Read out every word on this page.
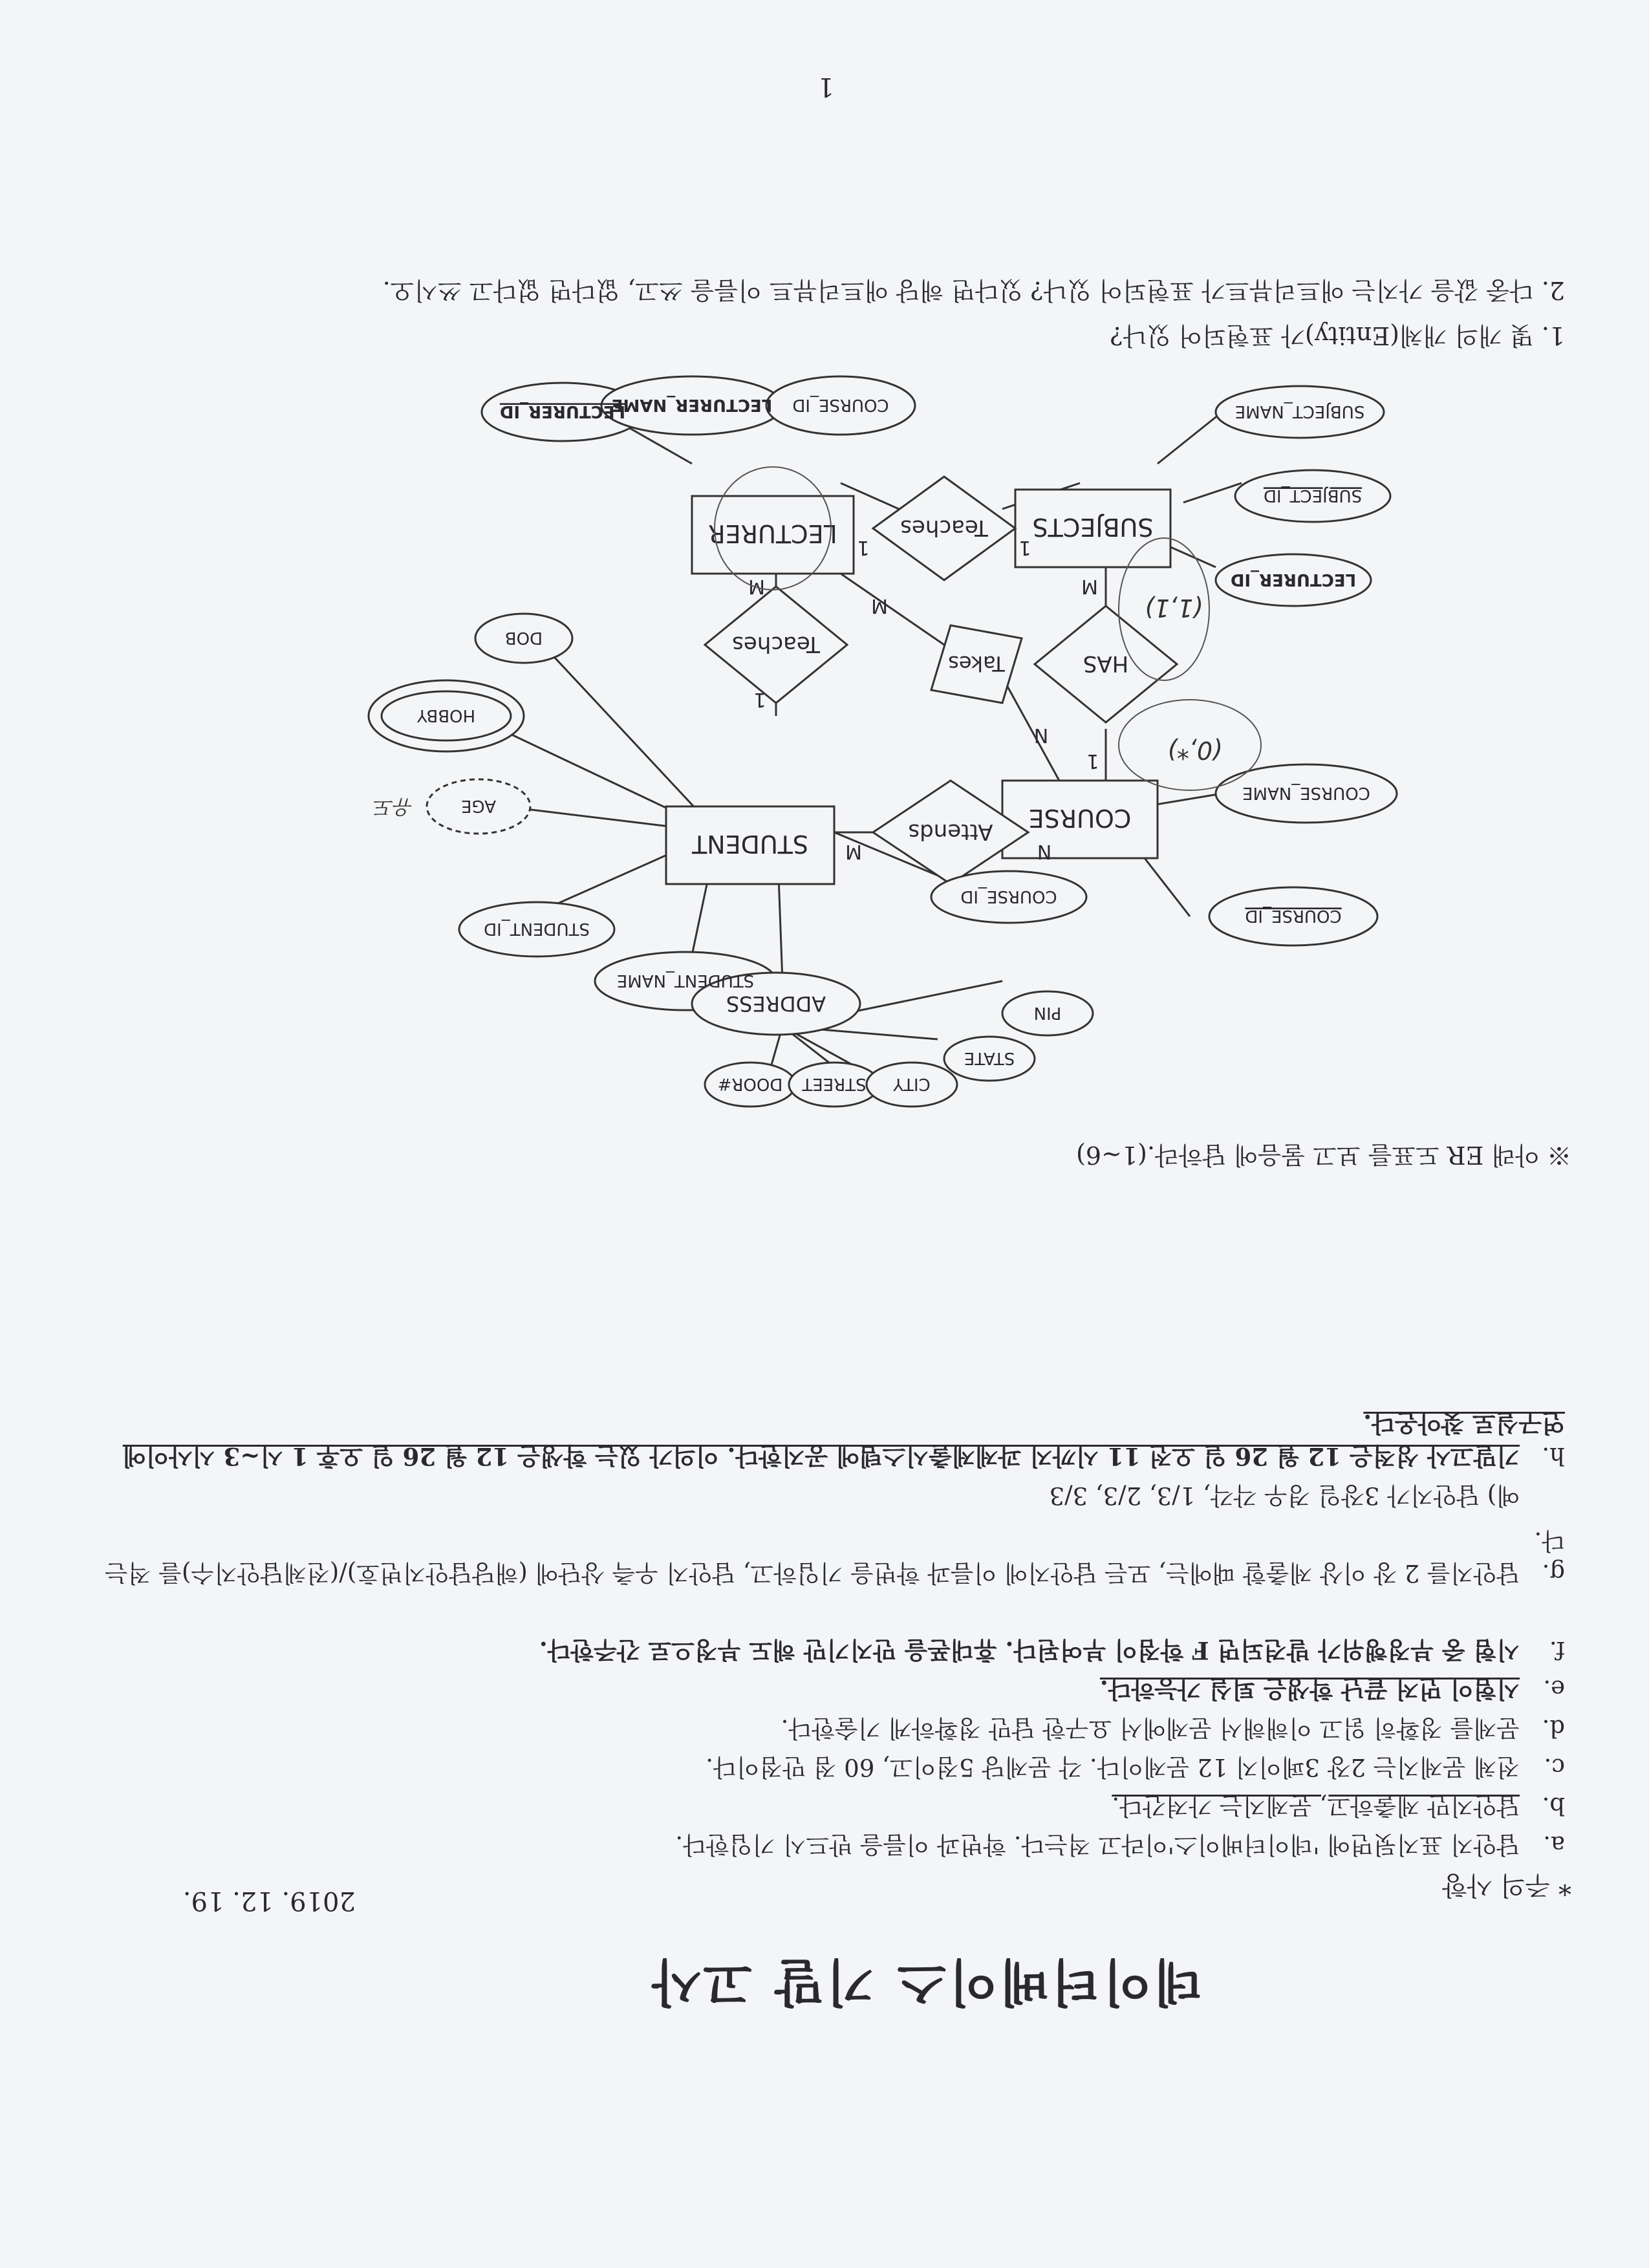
데이터베이스 기말 고사
2019. 12. 19.
* 주의 사항
a.답안지 표지뒷면에 '데이터베이스'이라고 적는다. 학번과 이름을 반드시 기입한다.
b.답안지만 제출하고, 문제지는 가져간다.
c.전체 문제지는 2장 3페이지 12 문제이다. 각 문제당 5점이고, 60 점 만점이다.
d.문제를 정확히 읽고 이해해서 문제에서 요구한 답만 정확하게 기술한다.
e.시험이 먼저 끝난 학생은 퇴실 가능하다.
f.시험 중 부정행위가 발견되면 F 학점이 부여된다. 휴대폰을 만지기만 해도 부정으로 간주한다.
g.답안지를 2 장 이상 제출할 때에는, 모든 답안지에 이름과 학번을 기입하고, 답안지 우측 상단에 (해당답안지번호)/(전체답안지수)를 적는다.
예) 답안지가 3장일 경우 각각, 1/3, 2/3, 3/3
h.기말고사 성적은 12 월 26 일 오전 11 시까지 과제제출시스템에 공지한다. 이의가 있는 학생은 12 월 26 일 오후 1 시~3 시사이에 연구실로 찾아온다.
※ 아래 ER 도표를 보고 물음에 답하라.(1~6)
STUDENT
COURSE
LECTURER	SUBJECTS
Attends
Teaches
Teaches
Takes	HAS
STUDENT_NAME
STUDENT_ID
AGE
HOBBY
DOB
ADDRESS
DOOR# STREET CITY
STATE
PIN
COURSE_ID
COURSE_ID
COURSE_NAME
LECTURER_ID
LECTURER_NAME COURSE_ID	SUBJECT_NAME
SUBJECT_ID
LECTURER_ID
M	N
1
M
1	1
M
N
1
M
(0,*)
(1,1)
유도
1. 몇 개의 개체(Entity)가 표현되어 있나?
2. 다중 값을 가지는 애트리뷰트가 표현되어 있나? 있다면 해당 애트리뷰트 이름을 쓰고, 없다면 없다고 쓰시오.
1
